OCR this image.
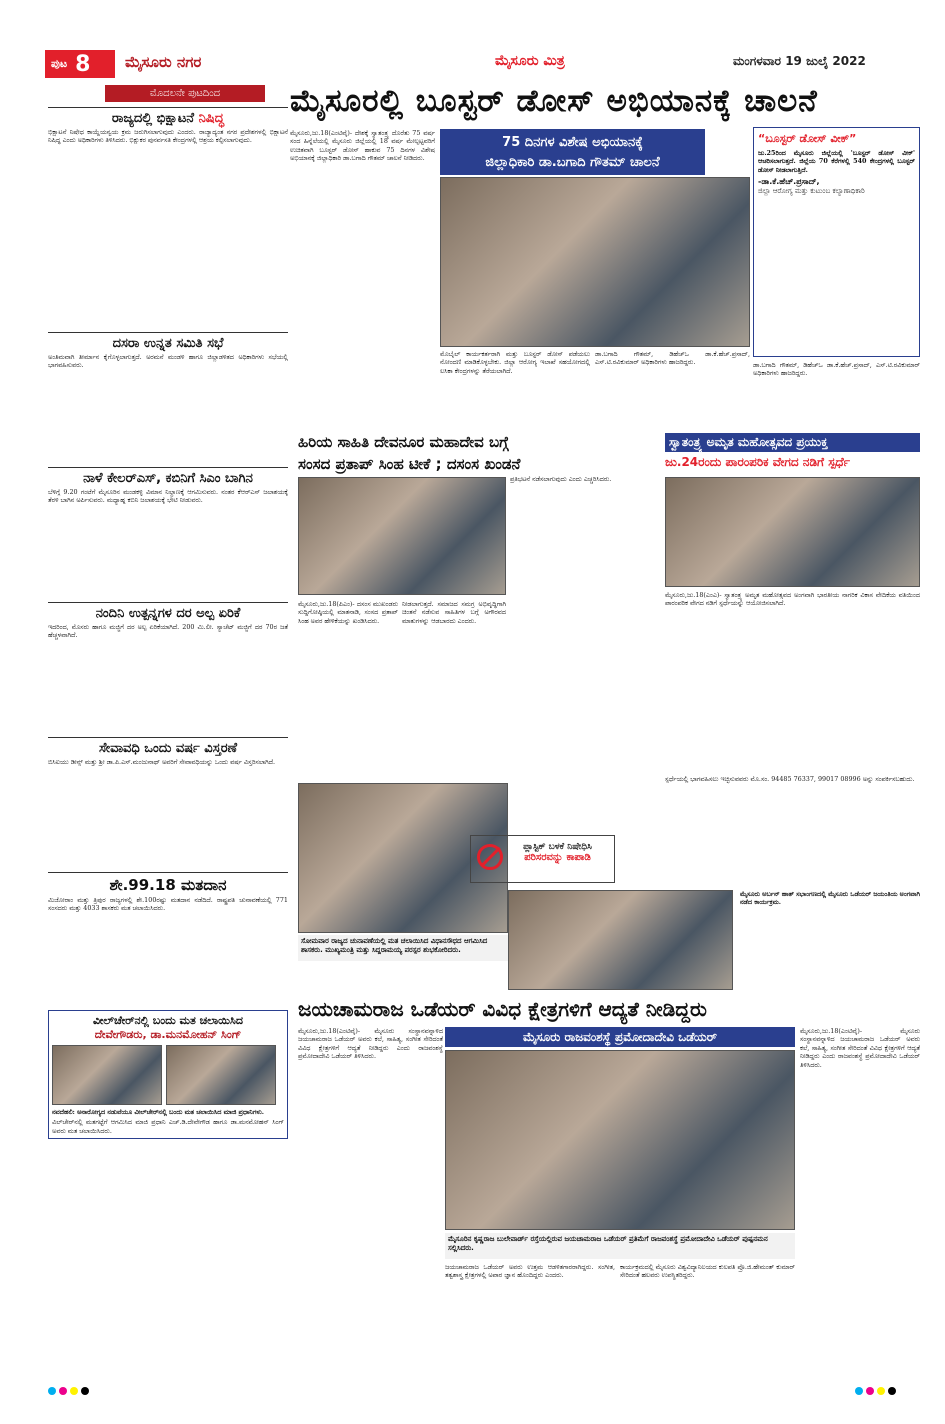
ಪುಟ 8 ಮೈಸೂರು ನಗರ	ಮೈಸೂರು ಮಿತ್ರ	ಮಂಗಳವಾರ 19 ಜುಲೈ 2022
ಮೊದಲನೇ ಪುಟದಿಂದ
ರಾಜ್ಯದಲ್ಲಿ ಭಿಕ್ಷಾಟನೆ ನಿಷಿದ್ಧ
ಭಿಕ್ಷಾಟನೆ ನಿಷೇಧ ಕಾಯ್ದೆಯನ್ವಯ ಕ್ರಮ ಜರುಗಿಸಲಾಗುವುದು ಎಂದರು. ರಾಜ್ಯಾದ್ಯಂತ ನಗರ ಪ್ರದೇಶಗಳಲ್ಲಿ ಭಿಕ್ಷಾಟನೆ ನಿಷಿದ್ಧ ಎಂದು ಅಧಿಕಾರಿಗಳು ತಿಳಿಸಿದರು. ಭಿಕ್ಷುಕರ ಪುನರ್ವಸತಿ ಕೇಂದ್ರಗಳಲ್ಲಿ ಆಶ್ರಯ ಕಲ್ಪಿಸಲಾಗುವುದು.
ದಸರಾ ಉನ್ನತ ಸಮಿತಿ ಸಭೆ
ಅಂತಿಮವಾಗಿ ತೀರ್ಮಾನ ಕೈಗೊಳ್ಳಲಾಗುತ್ತದೆ. ಅರಮನೆ ಮಂಡಳಿ ಹಾಗೂ ಜಿಲ್ಲಾಡಳಿತದ ಅಧಿಕಾರಿಗಳು ಸಭೆಯಲ್ಲಿ ಭಾಗವಹಿಸುವರು.
ನಾಳೆ ಕೇಲರ್‌ಎಸ್, ಕಬಿನಿಗೆ ಸಿಎಂ ಬಾಗಿನ
ಬೆಳಿಗ್ಗೆ 9.20 ಗಂಟೆಗೆ ಮೈಸೂರಿನ ಮಂಡಕಳ್ಳಿ ವಿಮಾನ ನಿಲ್ದಾಣಕ್ಕೆ ಆಗಮಿಸುವರು. ನಂತರ ಕೆಆರ್‌ಎಸ್ ಜಲಾಶಯಕ್ಕೆ ತೆರಳಿ ಬಾಗಿನ ಅರ್ಪಿಸುವರು. ಮಧ್ಯಾಹ್ನ ಕಬಿನಿ ಜಲಾಶಯಕ್ಕೆ ಭೇಟಿ ನೀಡುವರು.
ನಂದಿನಿ ಉತ್ಪನ್ನಗಳ ದರ ಅಲ್ಪ ಏರಿಕೆ
ಇದರಿಂದ, ಮೊಸರು ಹಾಗೂ ಮಜ್ಜಿಗೆ ದರ ಅಲ್ಪ ಏರಿಕೆಯಾಗಿದೆ. 200 ಮಿ.ಲೀ. ಸ್ಯಾಚೆಟ್ ಮಜ್ಜಿಗೆ ದರ 70ರ ಜತೆ ಹೆಚ್ಚಳವಾಗಿದೆ.
ಸೇವಾವಧಿ ಒಂದು ವರ್ಷ ವಿಸ್ತರಣೆ
ಬಿಸಿಐಯು ಡೀನ್ಸ್ ಮತ್ತು ಶ್ರೀ ಡಾ.ಪಿ.ಎಸ್.ಮಂಜುನಾಥ್ ಅವರಿಗೆ ಸೇವಾವಧಿಯನ್ನು ಒಂದು ವರ್ಷ ವಿಸ್ತರಿಸಲಾಗಿದೆ.
ಶೇ.99.18 ಮತದಾನ
ಮಿಜೋರಾಂ ಮತ್ತು ತ್ರಿಪುರ ರಾಜ್ಯಗಳಲ್ಲಿ ಶೇ.100ರಷ್ಟು ಮತದಾನ ನಡೆದಿದೆ. ರಾಷ್ಟ್ರಪತಿ ಚುನಾವಣೆಯಲ್ಲಿ 771 ಸಂಸದರು ಮತ್ತು 4033 ಶಾಸಕರು ಮತ ಚಲಾಯಿಸಿದರು.
ವೀಲ್‌ಚೇರ್‌ನಲ್ಲಿ ಬಂದು ಮತ ಚಲಾಯಿಸಿದ
ದೇವೇಗೌಡರು, ಡಾ.ಮನಮೋಹನ್ ಸಿಂಗ್
ನವದೆಹಲಿ: ಅನಾರೋಗ್ಯದ ನಡುವೆಯೂ ವೀಲ್‌ಚೇರ್‌ನಲ್ಲಿ ಬಂದು ಮತ ಚಲಾಯಿಸಿದ ಮಾಜಿ ಪ್ರಧಾನಿಗಳು.
ವಿಲ್‌ಚೇರ್‌ನಲ್ಲಿ ಮತಗಟ್ಟೆಗೆ ಆಗಮಿಸಿದ ಮಾಜಿ ಪ್ರಧಾನಿ ಎಚ್.ಡಿ.ದೇವೇಗೌಡ ಹಾಗೂ ಡಾ.ಮನಮೋಹನ್ ಸಿಂಗ್ ಅವರು ಮತ ಚಲಾಯಿಸಿದರು.
ಮೈಸೂರಲ್ಲಿ ಬೂಸ್ಟರ್ ಡೋಸ್ ಅಭಿಯಾನಕ್ಕೆ ಚಾಲನೆ
75 ದಿನಗಳ ವಿಶೇಷ ಅಭಿಯಾನಕ್ಕೆ
ಜಿಲ್ಲಾಧಿಕಾರಿ ಡಾ.ಬಗಾದಿ ಗೌತಮ್ ಚಾಲನೆ
ಮೈಸೂರು,ಜು.18(ಎಂಟಿವೈ)- ದೇಶಕ್ಕೆ ಸ್ವಾತಂತ್ರ್ಯ ದೊರೆತು 75 ವರ್ಷ ಸಂದ ಹಿನ್ನೆಲೆಯಲ್ಲಿ ಮೈಸೂರು ಜಿಲ್ಲೆಯಲ್ಲಿ 18 ವರ್ಷ ಮೇಲ್ಪಟ್ಟವರಿಗೆ ಉಚಿತವಾಗಿ ಬೂಸ್ಟರ್ ಡೋಸ್ ಹಾಕುವ 75 ದಿನಗಳ ವಿಶೇಷ ಅಭಿಯಾನಕ್ಕೆ ಜಿಲ್ಲಾಧಿಕಾರಿ ಡಾ.ಬಗಾದಿ ಗೌತಮ್ ಚಾಲನೆ ನೀಡಿದರು.
ಮೊಬೈಲ್ ಕಾರ್ಯಕರ್ತರಾಗಿ ಮತ್ತು ಬೂಸ್ಟರ್ ಡೋಸ್ ಪಡೆಯಲು ನೋಂದಣಿ ಮಾಡಿಕೊಳ್ಳಬೇಕು. ಜಿಲ್ಲಾ ಆರೋಗ್ಯ ಇಲಾಖೆ ಸಹಯೋಗದಲ್ಲಿ ಲಸಿಕಾ ಕೇಂದ್ರಗಳನ್ನು ತೆರೆಯಲಾಗಿದೆ.
ಡಾ.ಬಗಾದಿ ಗೌತಮ್, ಡಿಹೆಚ್‌ಒ ಡಾ.ಕೆ.ಹೆಚ್.ಪ್ರಸಾದ್, ಎಸ್.ಟಿ.ರವಿಕುಮಾರ್ ಅಧಿಕಾರಿಗಳು ಹಾಜರಿದ್ದರು.
“ಬೂಸ್ಟರ್ ಡೋಸ್ ವೀಕ್”
ಜು.25ರಿಂದ ಮೈಸೂರು ಜಿಲ್ಲೆಯಲ್ಲಿ 'ಬೂಸ್ಟರ್ ಡೋಸ್ ವೀಕ್' ಆಚರಿಸಲಾಗುತ್ತದೆ. ಜಿಲ್ಲೆಯ 70 ಕೆರೆಗಳಲ್ಲಿ 540 ಕೇಂದ್ರಗಳಲ್ಲಿ ಬೂಸ್ಟರ್ ಡೋಸ್ ನೀಡಲಾಗುತ್ತಿದೆ.
-ಡಾ.ಕೆ.ಹೆಚ್.ಪ್ರಸಾದ್,
ಜಿಲ್ಲಾ ಆರೋಗ್ಯ ಮತ್ತು ಕುಟುಂಬ ಕಲ್ಯಾಣಾಧಿಕಾರಿ
ಡಾ.ಬಗಾದಿ ಗೌತಮ್, ಡಿಹೆಚ್‌ಒ ಡಾ.ಕೆ.ಹೆಚ್.ಪ್ರಸಾದ್, ಎಸ್.ಟಿ.ರವಿಕುಮಾರ್ ಅಧಿಕಾರಿಗಳು ಹಾಜರಿದ್ದರು.
ಹಿರಿಯ ಸಾಹಿತಿ ದೇವನೂರ ಮಹಾದೇವ ಬಗ್ಗೆ
ಸಂಸದ ಪ್ರತಾಪ್ ಸಿಂಹ ಟೀಕೆ ; ದಸಂಸ ಖಂಡನೆ
ಮೈಸೂರು,ಜು.18(ಪಿಎಂ)- ದಸಂಸ ಮುಖಂಡರು ಸುದ್ದಿಗೋಷ್ಠಿಯಲ್ಲಿ ಮಾತನಾಡಿ, ಸಂಸದ ಪ್ರತಾಪ್ ಸಿಂಹ ಅವರ ಹೇಳಿಕೆಯನ್ನು ಖಂಡಿಸಿದರು.
ನೀಡಲಾಗುತ್ತದೆ. ಸಮಾಜದ ಸಮಗ್ರ ಅಭಿವೃದ್ಧಿಗಾಗಿ ಚಿಂತನೆ ನಡೆಸುವ ಸಾಹಿತಿಗಳ ಬಗ್ಗೆ ಅಗೌರವದ ಮಾತುಗಳನ್ನು ಆಡಬಾರದು ಎಂದರು.
ಪ್ರತಿಭಟನೆ ನಡೆಸಲಾಗುವುದು ಎಂದು ಎಚ್ಚರಿಸಿದರು.
ಸೋಮವಾರ ರಾಜ್ಯದ ಚುನಾವಣೆಯಲ್ಲಿ ಮತ ಚಲಾಯಿಸಿದ ವಿಧಾನಸೌಧದ ಆಗಮಿಸಿದ ಶಾಸಕರು. ಮುಖ್ಯಮಂತ್ರಿ ಮತ್ತು ಸಿದ್ದರಾಮಯ್ಯ ಪರಸ್ಪರ ಶುಭಕೋರಿದರು.
ಸ್ವಾತಂತ್ರ್ಯ ಅಮೃತ ಮಹೋತ್ಸವದ ಪ್ರಯುಕ್ತ
ಜು.24ರಂದು ಪಾರಂಪರಿಕ ವೇಗದ ನಡಿಗೆ ಸ್ಪರ್ಧೆ
ಮೈಸೂರು,ಜು.18(ಎಂಎ)- ಸ್ವಾತಂತ್ರ್ಯ ಅಮೃತ ಮಹೋತ್ಸವದ ಅಂಗವಾಗಿ ಭಾರತೀಯ ನಾಗರಿಕ ವಿಕಾಸ ವೇದಿಕೆಯ ವತಿಯಿಂದ ಪಾರಂಪರಿಕ ವೇಗದ ನಡಿಗೆ ಸ್ಪರ್ಧೆಯನ್ನು ಆಯೋಜಿಸಲಾಗಿದೆ.
ಸ್ಪರ್ಧೆಯಲ್ಲಿ ಭಾಗವಹಿಸಲು ಇಚ್ಛಿಸುವವರು ಮೊ.ಸಂ. 94485 76337, 99017 08996 ಅನ್ನು ಸಂಪರ್ಕಿಸಬಹುದು.
ಪ್ಲಾಸ್ಟಿಕ್ ಬಳಕೆ ನಿಷೇಧಿಸಿ
ಪರಿಸರವನ್ನು ಕಾಪಾಡಿ
ಮೈಸೂರು ಅರ್ಬನ್ ಹಾತ್ ಸಭಾಂಗಣದಲ್ಲಿ ಮೈಸೂರು ಒಡೆಯರ್ ಜಯಂತಿಯ ಅಂಗವಾಗಿ ನಡೆದ ಕಾರ್ಯಕ್ರಮ.
ಜಯಚಾಮರಾಜ ಒಡೆಯರ್ ವಿವಿಧ ಕ್ಷೇತ್ರಗಳಿಗೆ ಆದ್ಯತೆ ನೀಡಿದ್ದರು
ಮೈಸೂರು ರಾಜವಂಶಸ್ಥೆ ಪ್ರಮೋದಾದೇವಿ ಒಡೆಯರ್
ಮೈಸೂರು,ಜು.18(ಎಂಟಿವೈ)- ಮೈಸೂರು ಸಂಸ್ಥಾನವನ್ನಾಳಿದ ಜಯಚಾಮರಾಜ ಒಡೆಯರ್ ಅವರು ಕಲೆ, ಸಾಹಿತ್ಯ, ಸಂಗೀತ ಸೇರಿದಂತೆ ವಿವಿಧ ಕ್ಷೇತ್ರಗಳಿಗೆ ಆದ್ಯತೆ ನೀಡಿದ್ದರು ಎಂದು ರಾಜವಂಶಸ್ಥೆ ಪ್ರಮೋದಾದೇವಿ ಒಡೆಯರ್ ತಿಳಿಸಿದರು.
ಮೈಸೂರಿನ ಕೃಷ್ಣರಾಜ ಬುಲೇವಾರ್ಡ್ ರಸ್ತೆಯಲ್ಲಿರುವ ಜಯಚಾಮರಾಜ ಒಡೆಯರ್ ಪ್ರತಿಮೆಗೆ ರಾಜವಂಶಸ್ಥೆ ಪ್ರಮೋದಾದೇವಿ ಒಡೆಯರ್ ಪುಷ್ಪನಮನ ಸಲ್ಲಿಸಿದರು.
ಜಯಚಾಮರಾಜ ಒಡೆಯರ್ ಅವರು ಉತ್ತಮ ಆಡಳಿತಗಾರರಾಗಿದ್ದರು. ಸಂಗೀತ, ತತ್ವಶಾಸ್ತ್ರ ಕ್ಷೇತ್ರಗಳಲ್ಲಿ ಅಪಾರ ಜ್ಞಾನ ಹೊಂದಿದ್ದರು ಎಂದರು.
ಕಾರ್ಯಕ್ರಮದಲ್ಲಿ ಮೈಸೂರು ವಿಶ್ವವಿದ್ಯಾನಿಲಯದ ಕುಲಪತಿ ಪ್ರೊ.ಜಿ.ಹೇಮಂತ್ ಕುಮಾರ್ ಸೇರಿದಂತೆ ಹಲವರು ಉಪಸ್ಥಿತರಿದ್ದರು.
ಮೈಸೂರು,ಜು.18(ಎಂಟಿವೈ)- ಮೈಸೂರು ಸಂಸ್ಥಾನವನ್ನಾಳಿದ ಜಯಚಾಮರಾಜ ಒಡೆಯರ್ ಅವರು ಕಲೆ, ಸಾಹಿತ್ಯ, ಸಂಗೀತ ಸೇರಿದಂತೆ ವಿವಿಧ ಕ್ಷೇತ್ರಗಳಿಗೆ ಆದ್ಯತೆ ನೀಡಿದ್ದರು ಎಂದು ರಾಜವಂಶಸ್ಥೆ ಪ್ರಮೋದಾದೇವಿ ಒಡೆಯರ್ ತಿಳಿಸಿದರು.
